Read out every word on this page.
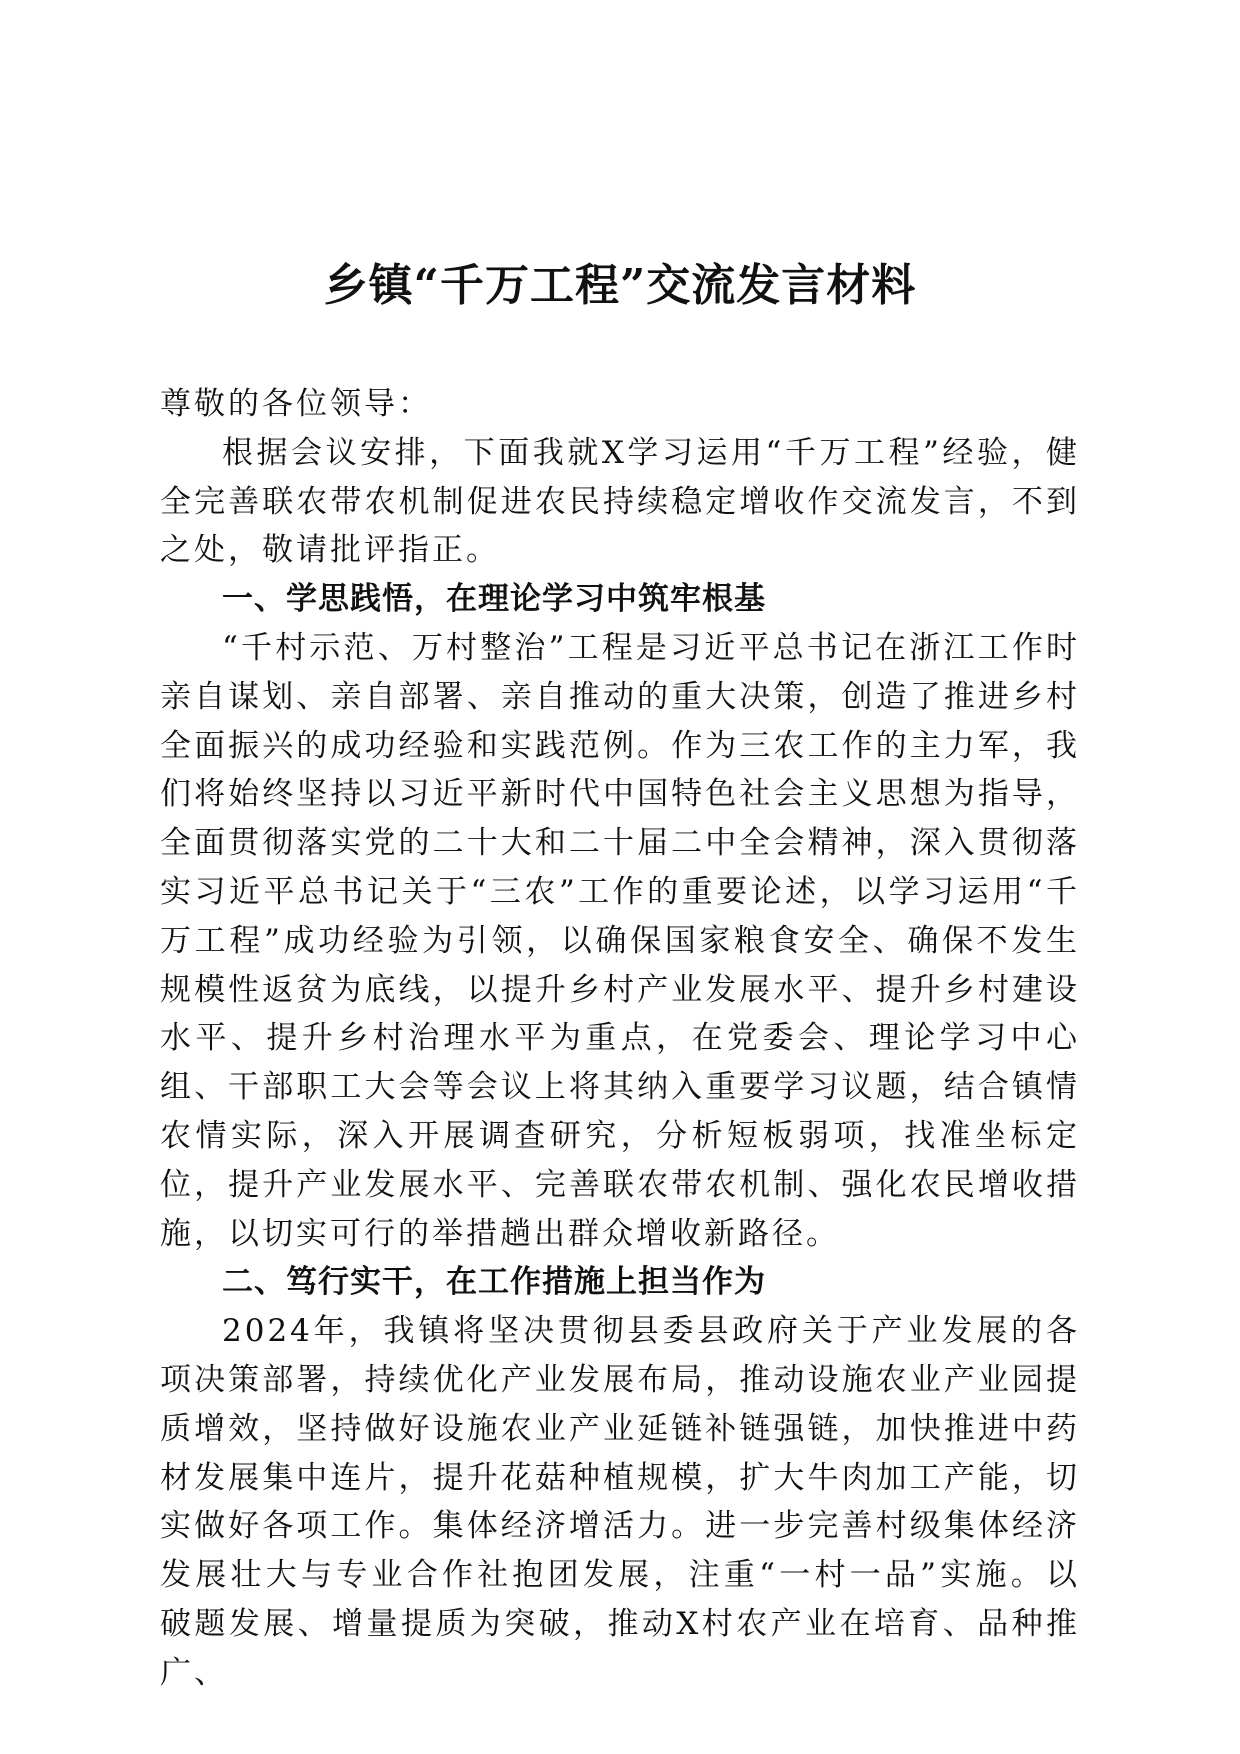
乡镇“千万工程”交流发言材料

尊敬的各位领导：

根据会议安排，下面我就X学习运用“千万工程”经验，健全完善联农带农机制促进农民持续稳定增收作交流发言，不到之处，敬请批评指正。

一、学思践悟，在理论学习中筑牢根基

“千村示范、万村整治”工程是习近平总书记在浙江工作时亲自谋划、亲自部署、亲自推动的重大决策，创造了推进乡村全面振兴的成功经验和实践范例。作为三农工作的主力军，我们将始终坚持以习近平新时代中国特色社会主义思想为指导，全面贯彻落实党的二十大和二十届二中全会精神，深入贯彻落实习近平总书记关于“三农”工作的重要论述，以学习运用“千万工程”成功经验为引领，以确保国家粮食安全、确保不发生规模性返贫为底线，以提升乡村产业发展水平、提升乡村建设水平、提升乡村治理水平为重点，在党委会、理论学习中心组、干部职工大会等会议上将其纳入重要学习议题，结合镇情农情实际，深入开展调查研究，分析短板弱项，找准坐标定位，提升产业发展水平、完善联农带农机制、强化农民增收措施，以切实可行的举措趟出群众增收新路径。

二、笃行实干，在工作措施上担当作为

2024年，我镇将坚决贯彻县委县政府关于产业发展的各项决策部署，持续优化产业发展布局，推动设施农业产业园提质增效，坚持做好设施农业产业延链补链强链，加快推进中药材发展集中连片，提升花菇种植规模，扩大牛肉加工产能，切实做好各项工作。集体经济增活力。进一步完善村级集体经济发展壮大与专业合作社抱团发展，注重“一村一品”实施。以破题发展、增量提质为突破，推动X村农产业在培育、品种推广、
